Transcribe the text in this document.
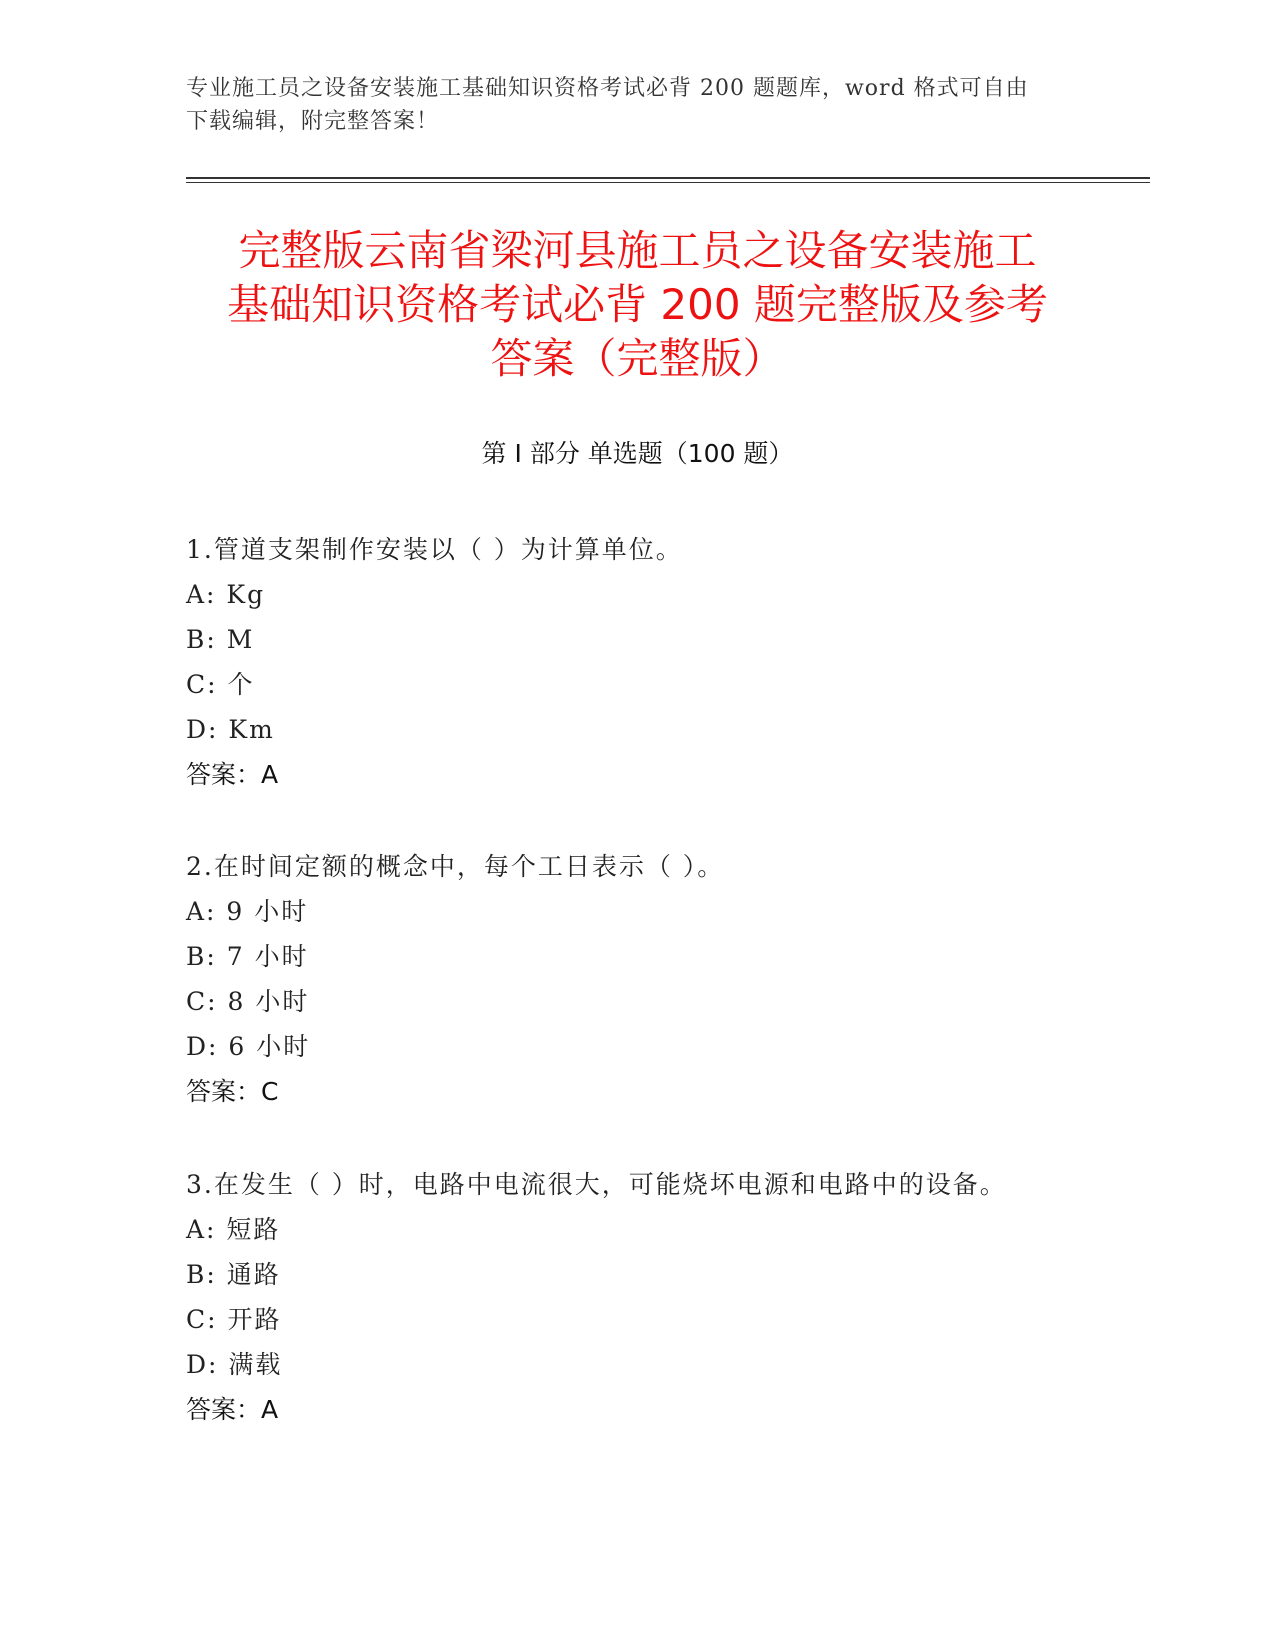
专业施工员之设备安装施工基础知识资格考试必背 200 题题库，word 格式可自由
下载编辑，附完整答案！
完整版云南省梁河县施工员之设备安装施工
基础知识资格考试必背 200 题完整版及参考
答案（完整版）
第 I 部分 单选题（100 题）
1.管道支架制作安装以（ ）为计算单位。
A: Kg
B: M
C: 个
D: Km
答案：A
2.在时间定额的概念中，每个工日表示（ ）。
A: 9 小时
B: 7 小时
C: 8 小时
D: 6 小时
答案：C
3.在发生（ ）时，电路中电流很大，可能烧坏电源和电路中的设备。
A: 短路
B: 通路
C: 开路
D: 满载
答案：A
